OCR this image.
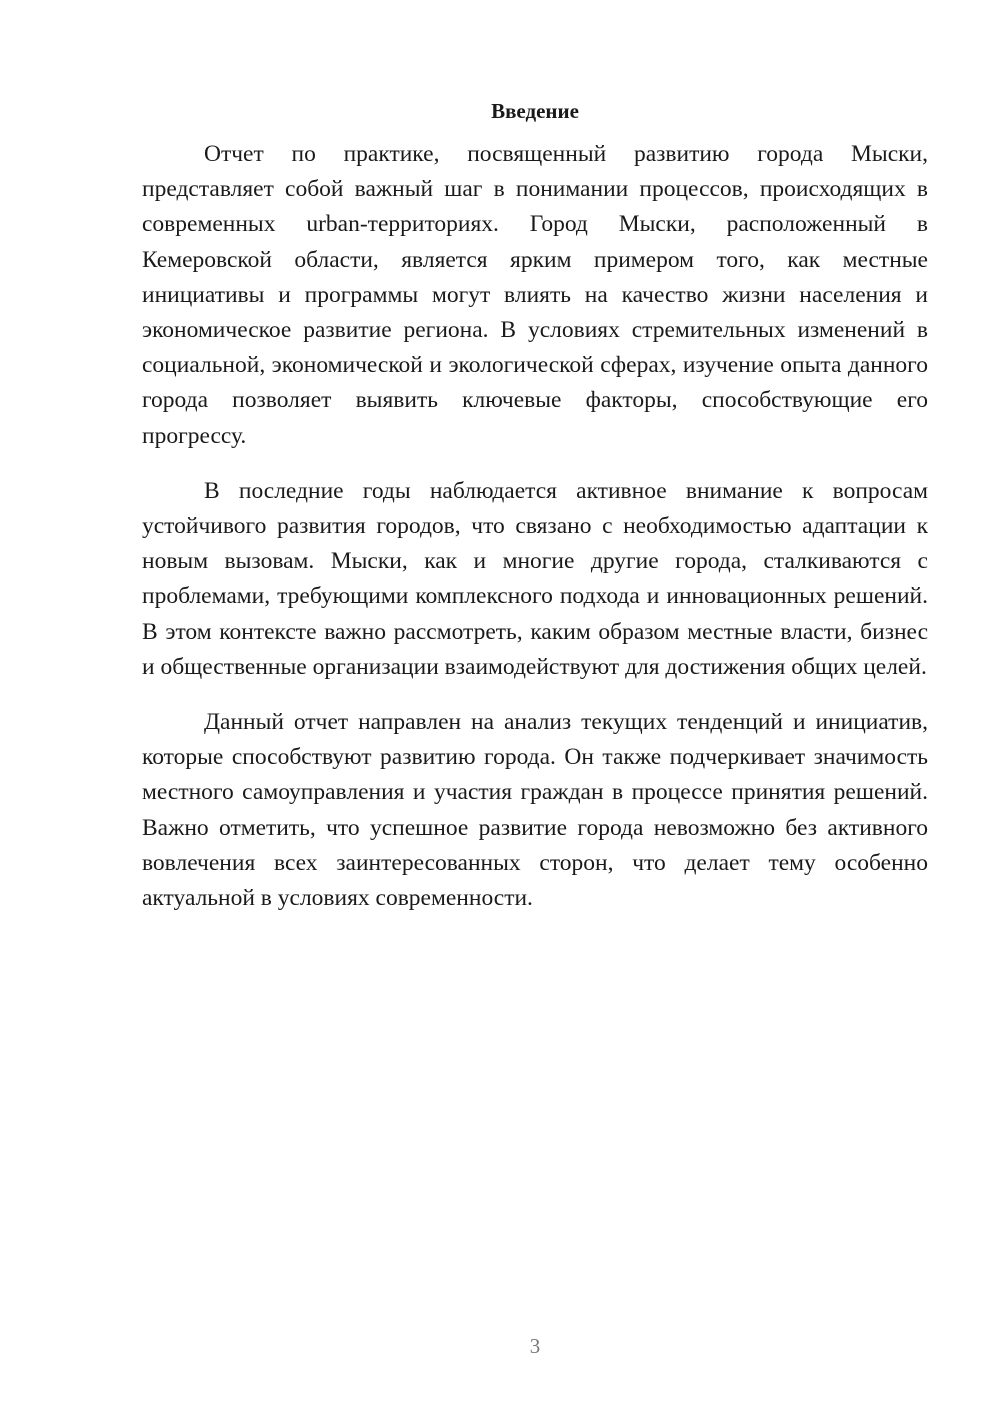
Введение

Отчет по практике, посвященный развитию города Мыски, представляет собой важный шаг в понимании процессов, происходящих в современных urban-территориях. Город Мыски, расположенный в Кемеровской области, является ярким примером того, как местные инициативы и программы могут влиять на качество жизни населения и экономическое развитие региона. В условиях стремительных изменений в социальной, экономической и экологической сферах, изучение опыта данного города позволяет выявить ключевые факторы, способствующие его прогрессу.

В последние годы наблюдается активное внимание к вопросам устойчивого развития городов, что связано с необходимостью адаптации к новым вызовам. Мыски, как и многие другие города, сталкиваются с проблемами, требующими комплексного подхода и инновационных решений. В этом контексте важно рассмотреть, каким образом местные власти, бизнес и общественные организации взаимодействуют для достижения общих целей.

Данный отчет направлен на анализ текущих тенденций и инициатив, которые способствуют развитию города. Он также подчеркивает значимость местного самоуправления и участия граждан в процессе принятия решений. Важно отметить, что успешное развитие города невозможно без активного вовлечения всех заинтересованных сторон, что делает тему особенно актуальной в условиях современности.

3
